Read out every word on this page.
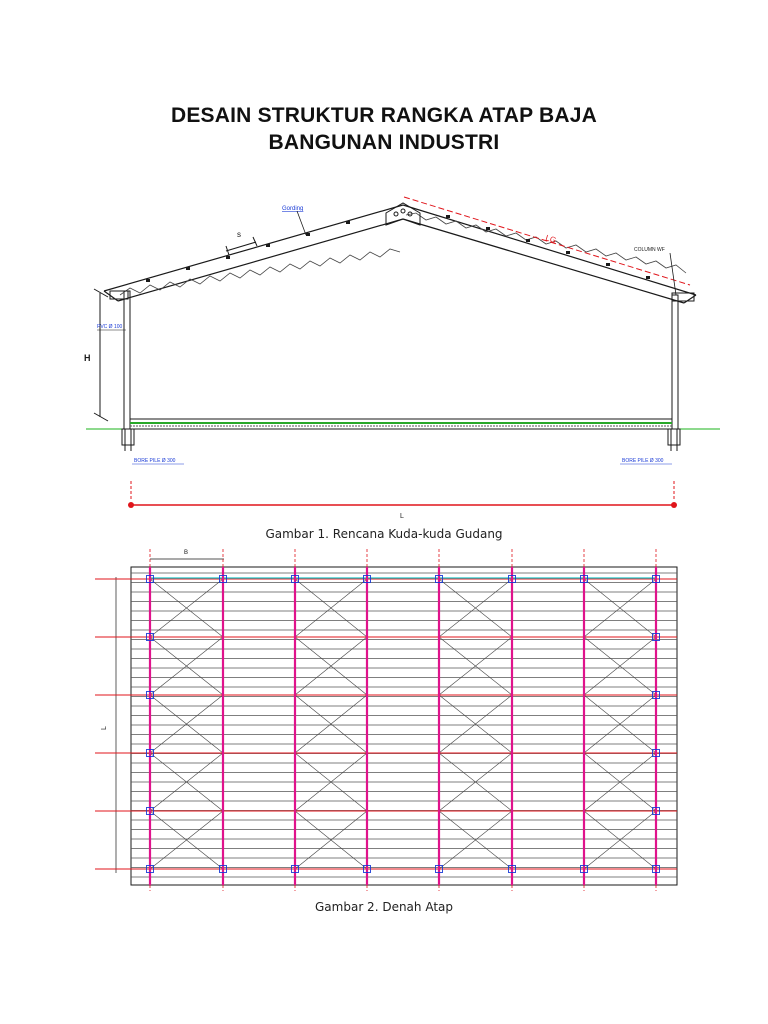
DESAIN STRUKTUR RANGKA ATAP BAJA
BANGUNAN INDUSTRI
LG
s
Gording
COLUMN WF
H
PVC Ø 100
BORE PILE Ø 300	BORE PILE Ø 300
L
Gambar 1. Rencana Kuda-kuda Gudang
B
L
Gambar 2. Denah Atap
